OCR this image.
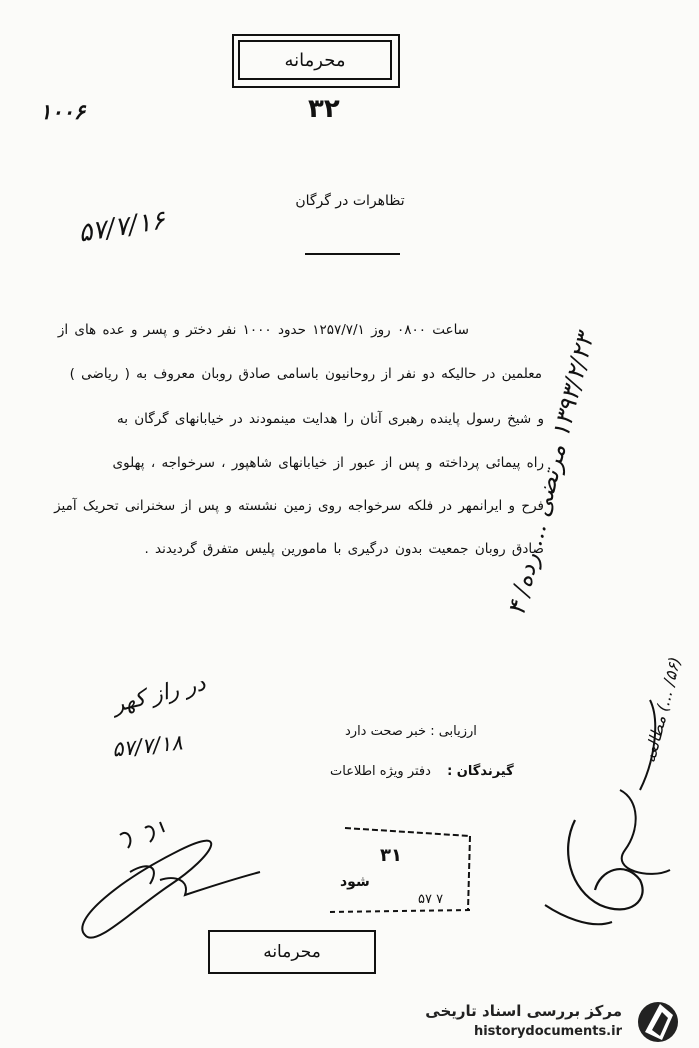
محرمانه
۳۲
۱۰۰۶
۵۷/۷/۱۶
تظاهرات در گرگان
ساعت ۰۸۰۰ روز ۱۲۵۷/۷/۱ حدود ۱۰۰۰ نفر دختر و پسر و عده های از
معلمین در حالیکه دو نفر از روحانیون باسامی صادق روبان معروف به ( ریاضی )
و شیخ رسول پاینده رهبری آنان را هدایت مینمودند در خیابانهای گرگان به
راه پیمائی پرداخته و پس از عبور از خیابانهای شاهپور ، سرخواجه ، پهلوی
فرح و ایرانمهر در فلکه سرخواجه روی زمین نشسته و پس از سخنرانی تحریک آمیز
صادق روبان جمعیت بدون درگیری با مامورین پلیس متفرق گردیدند .
در راز کهر
۵۷/۷/۱۸	ارزیابی : خبر صحت دارد
گیرندگان : دفتر ویژه اطلاعات
۳۱
شود
۵۷ ۷
۱۳۹۳/۲/۲۳ مرتضی ... رده/ ۴
(۵۶/ ...) مطالعه
محرمانه
مرکز بررسی اسناد تاریخی
historydocuments.ir
